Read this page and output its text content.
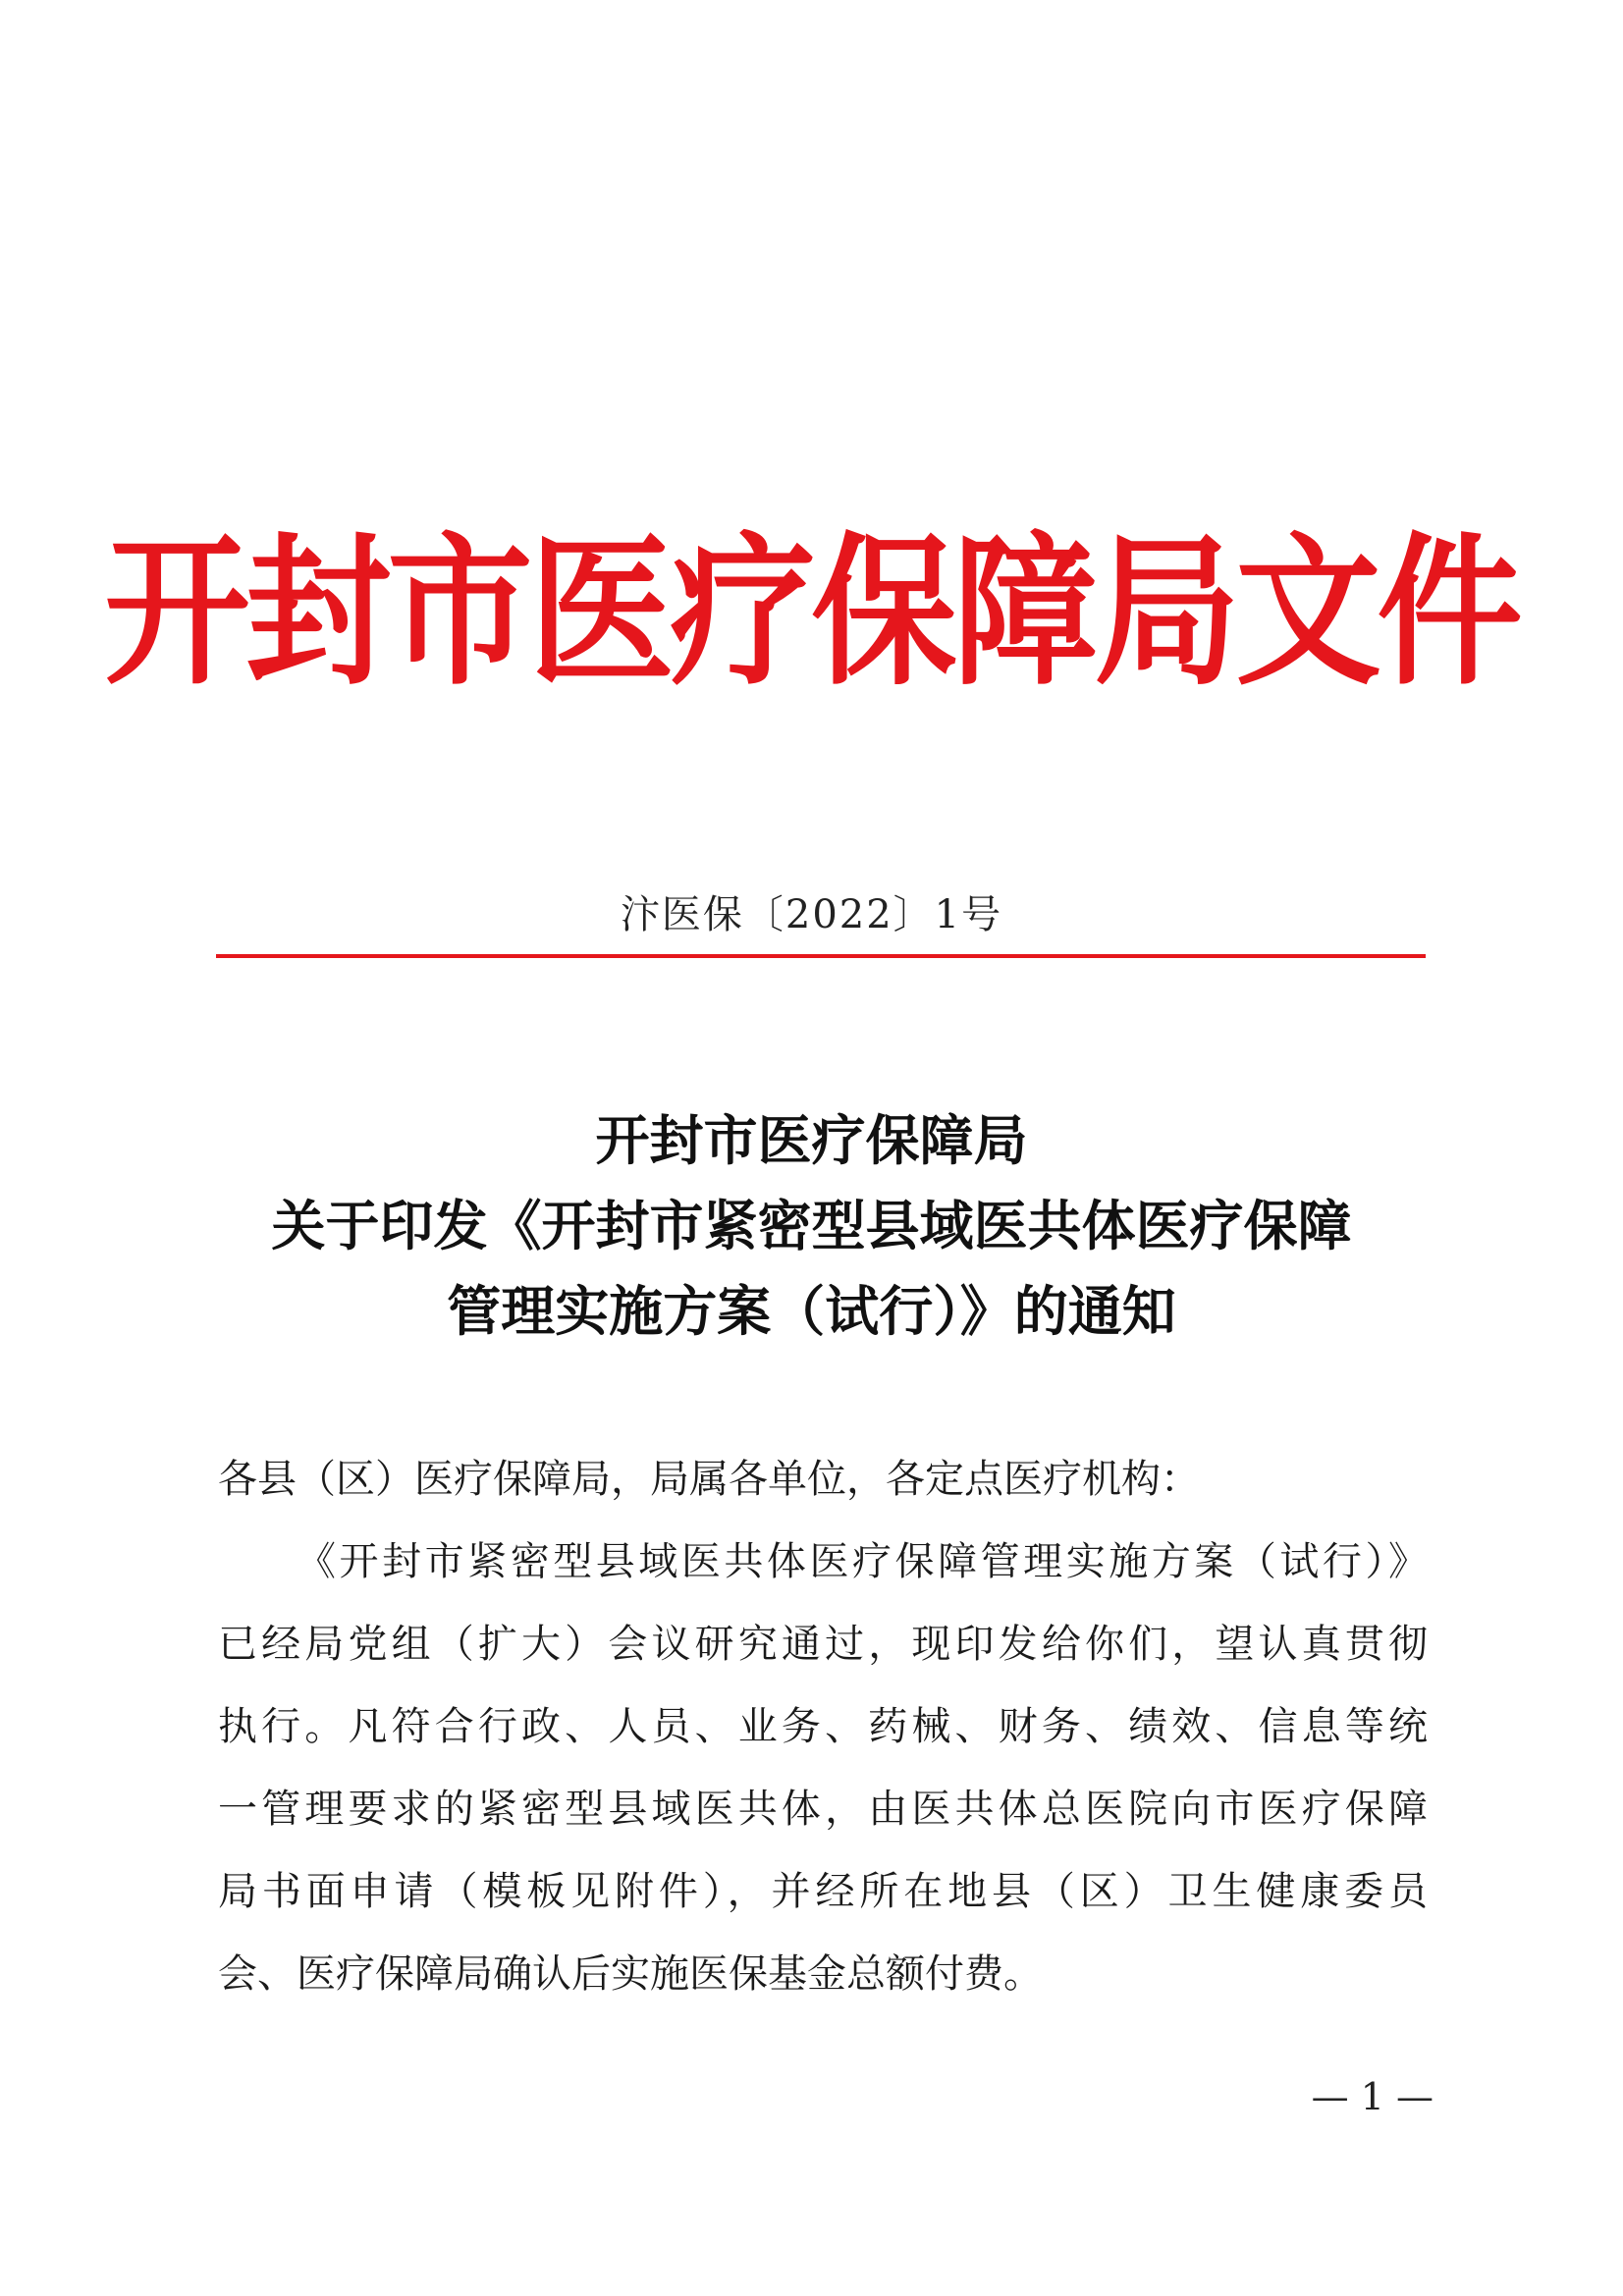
开封市医疗保障局文件
汴医保〔2022〕1号
开封市医疗保障局
关于印发《开封市紧密型县域医共体医疗保障
管理实施方案（试行）》的通知
各县（区）医疗保障局，局属各单位，各定点医疗机构：
《开封市紧密型县域医共体医疗保障管理实施方案（试行）》
已经局党组（扩大）会议研究通过，现印发给你们，望认真贯彻
执行。凡符合行政、人员、业务、药械、财务、绩效、信息等统
一管理要求的紧密型县域医共体，由医共体总医院向市医疗保障
局书面申请（模板见附件），并经所在地县（区）卫生健康委员
会、医疗保障局确认后实施医保基金总额付费。
— 1 —
